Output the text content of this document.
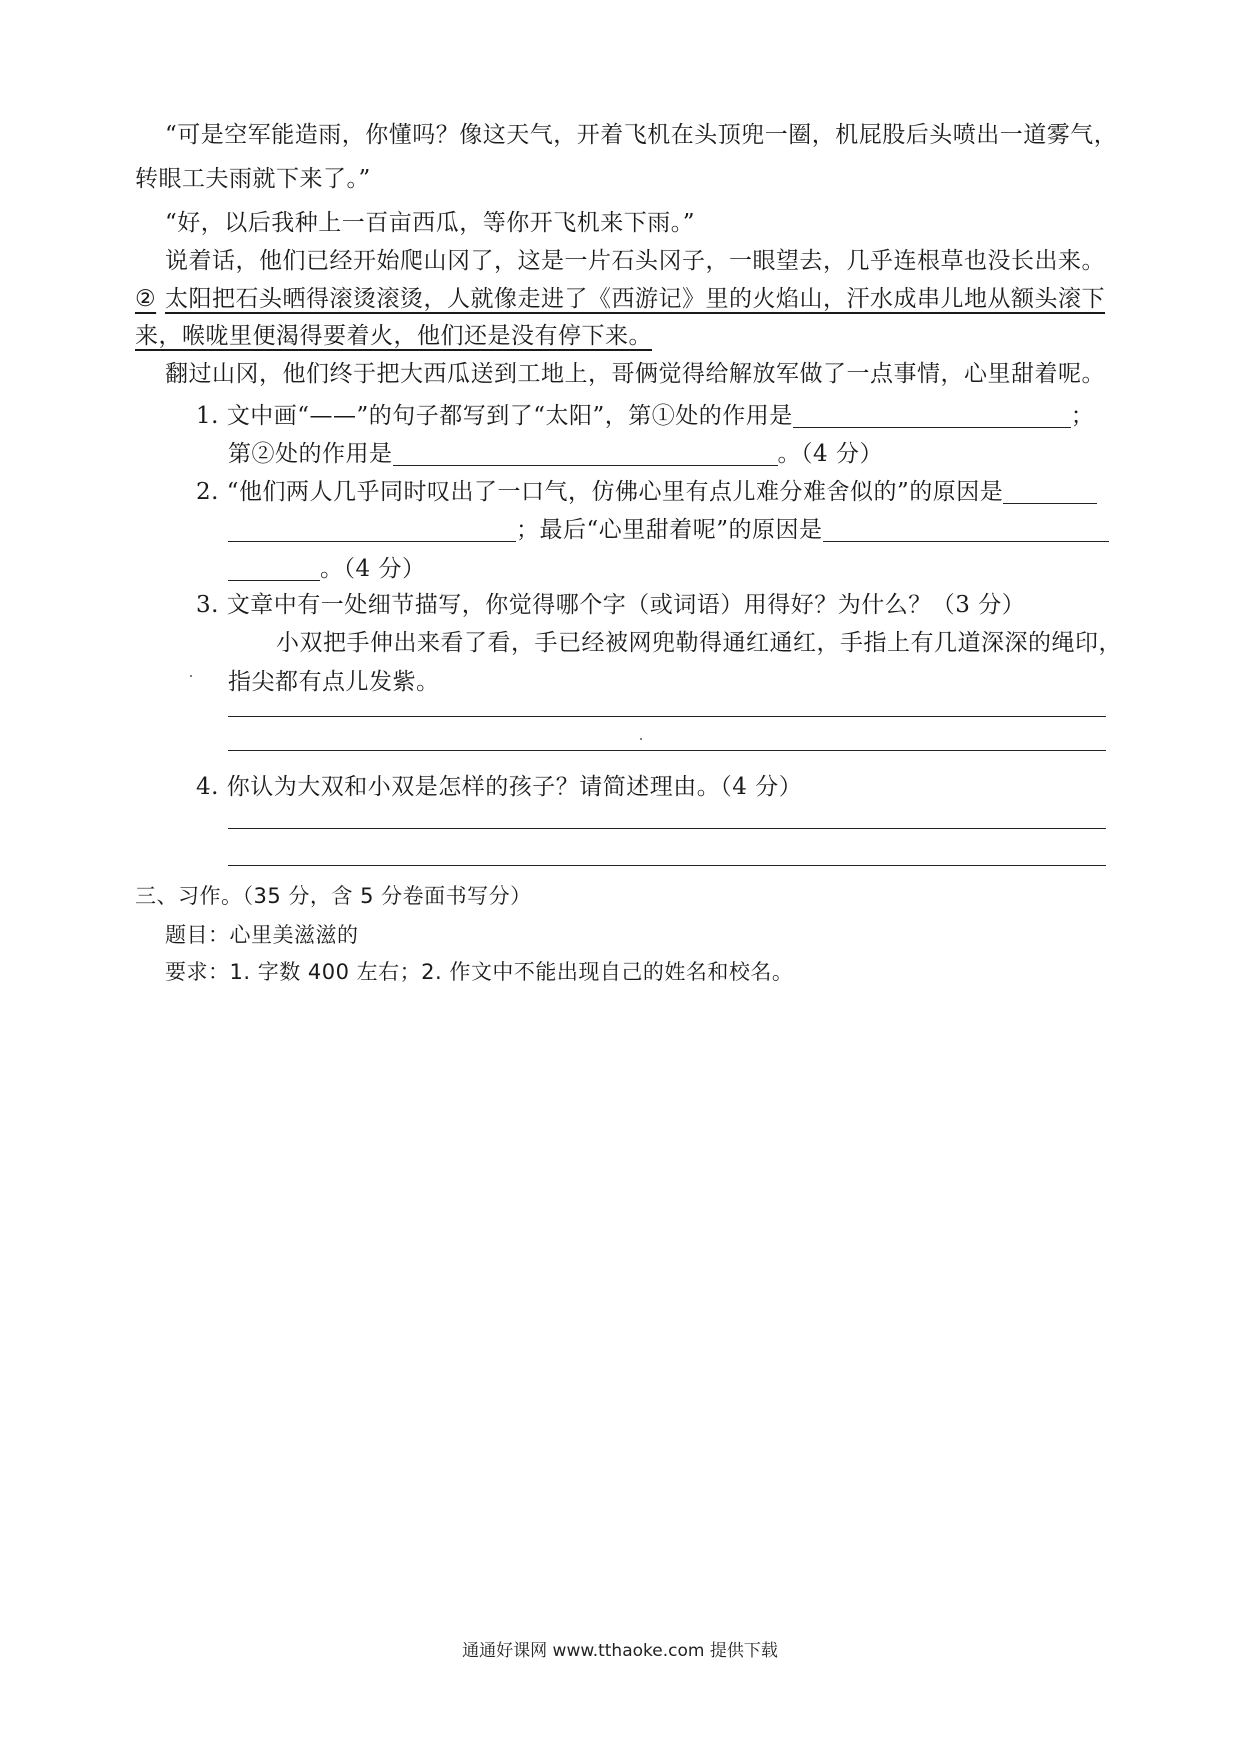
“可是空军能造雨，你懂吗？像这天气，开着飞机在头顶兜一圈，机屁股后头喷出一道雾气，
转眼工夫雨就下来了。”
“好，以后我种上一百亩西瓜，等你开飞机来下雨。”
说着话，他们已经开始爬山冈了，这是一片石头冈子，一眼望去，几乎连根草也没长出来。
② 太阳把石头晒得滚烫滚烫，人就像走进了《西游记》里的火焰山，汗水成串儿地从额头滚下
来，喉咙里便渴得要着火，他们还是没有停下来。
翻过山冈，他们终于把大西瓜送到工地上，哥俩觉得给解放军做了一点事情，心里甜着呢。
1. 文中画“——”的句子都写到了“太阳”，第①处的作用是	；
第②处的作用是	。（4 分）
2. “他们两人几乎同时叹出了一口气，仿佛心里有点儿难分难舍似的”的原因是
；最后“心里甜着呢”的原因是
。（4 分）
3. 文章中有一处细节描写，你觉得哪个字（或词语）用得好？为什么？（3 分）
小双把手伸出来看了看，手已经被网兜勒得通红通红，手指上有几道深深的绳印，
指尖都有点儿发紫。
4. 你认为大双和小双是怎样的孩子？请简述理由。（4 分）
三、习作。（35 分，含 5 分卷面书写分）
题目：心里美滋滋的
要求：1. 字数 400 左右；2. 作文中不能出现自己的姓名和校名。
通通好课网 www.tthaoke.com 提供下载
